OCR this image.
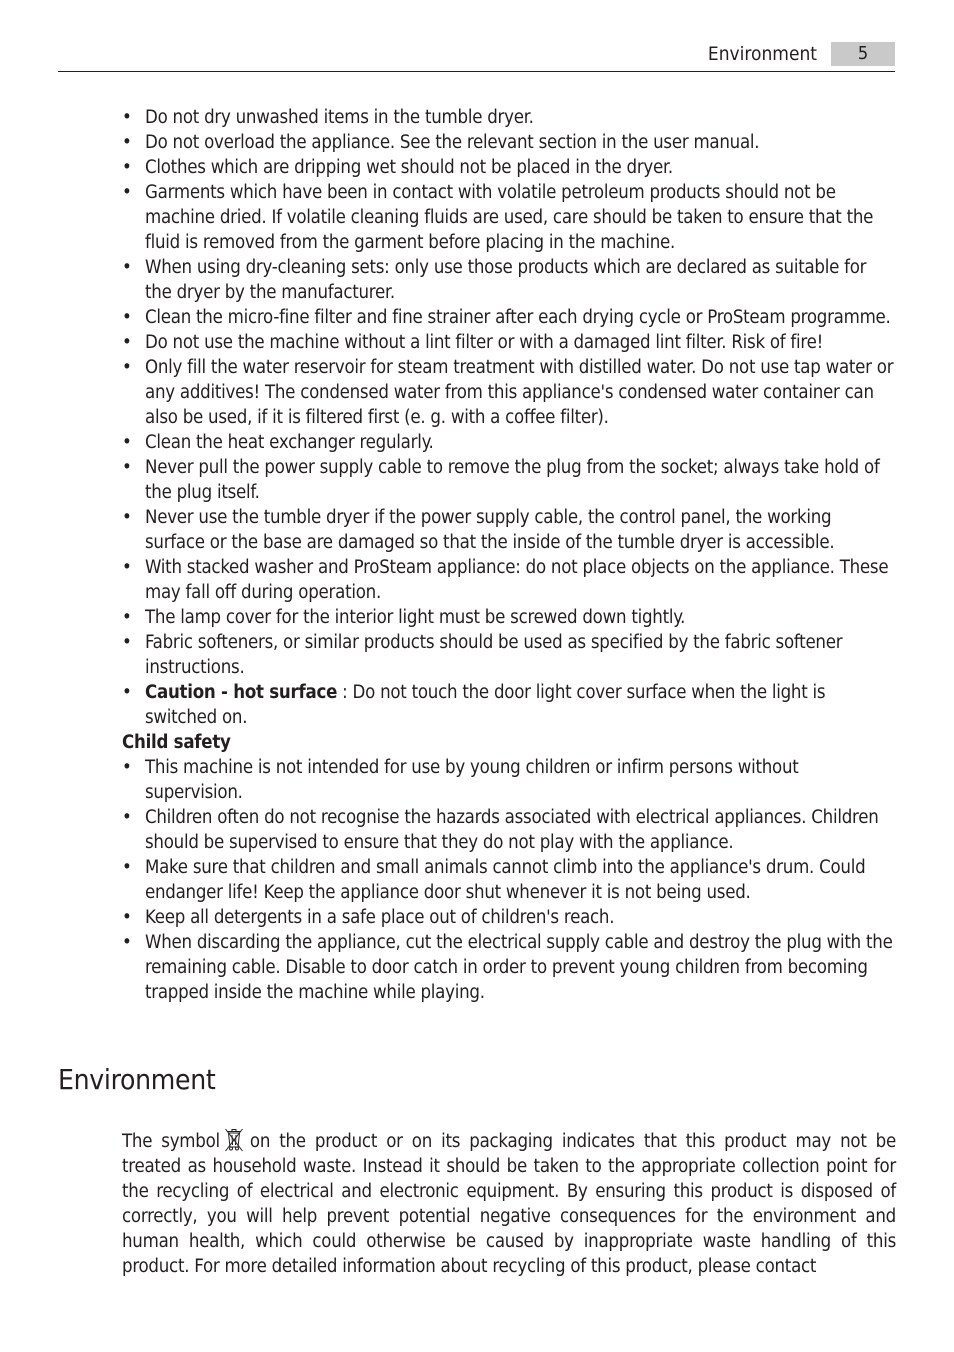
Environment	5
• Do not dry unwashed items in the tumble dryer.
• Do not overload the appliance. See the relevant section in the user manual.
• Clothes which are dripping wet should not be placed in the dryer.
• Garments which have been in contact with volatile petroleum products should not be machine dried. If volatile cleaning fluids are used, care should be taken to ensure that the fluid is removed from the garment before placing in the machine.
• When using dry-cleaning sets: only use those products which are declared as suitable for the dryer by the manufacturer.
• Clean the micro-fine filter and fine strainer after each drying cycle or ProSteam programme.
• Do not use the machine without a lint filter or with a damaged lint filter. Risk of fire!
• Only fill the water reservoir for steam treatment with distilled water. Do not use tap water or any additives! The condensed water from this appliance's condensed water container can also be used, if it is filtered first (e. g. with a coffee filter).
• Clean the heat exchanger regularly.
• Never pull the power supply cable to remove the plug from the socket; always take hold of the plug itself.
• Never use the tumble dryer if the power supply cable, the control panel, the working surface or the base are damaged so that the inside of the tumble dryer is accessible.
• With stacked washer and ProSteam appliance: do not place objects on the appliance. These may fall off during operation.
• The lamp cover for the interior light must be screwed down tightly.
• Fabric softeners, or similar products should be used as specified by the fabric softener instructions.
• Caution - hot surface : Do not touch the door light cover surface when the light is switched on.
Child safety
• This machine is not intended for use by young children or infirm persons without supervision.
• Children often do not recognise the hazards associated with electrical appliances. Children should be supervised to ensure that they do not play with the appliance.
• Make sure that children and small animals cannot climb into the appliance's drum. Could endanger life! Keep the appliance door shut whenever it is not being used.
• Keep all detergents in a safe place out of children's reach.
• When discarding the appliance, cut the electrical supply cable and destroy the plug with the remaining cable. Disable to door catch in order to prevent young children from becoming trapped inside the machine while playing.
Environment

The symbol on the product or on its packaging indicates that this product may not be treated as household waste. Instead it should be taken to the appropriate collection point for the recycling of electrical and electronic equipment. By ensuring this product is disposed of correctly, you will help prevent potential negative consequences for the environment and human health, which could otherwise be caused by inappropriate waste handling of this product. For more detailed information about recycling of this product, please contact
